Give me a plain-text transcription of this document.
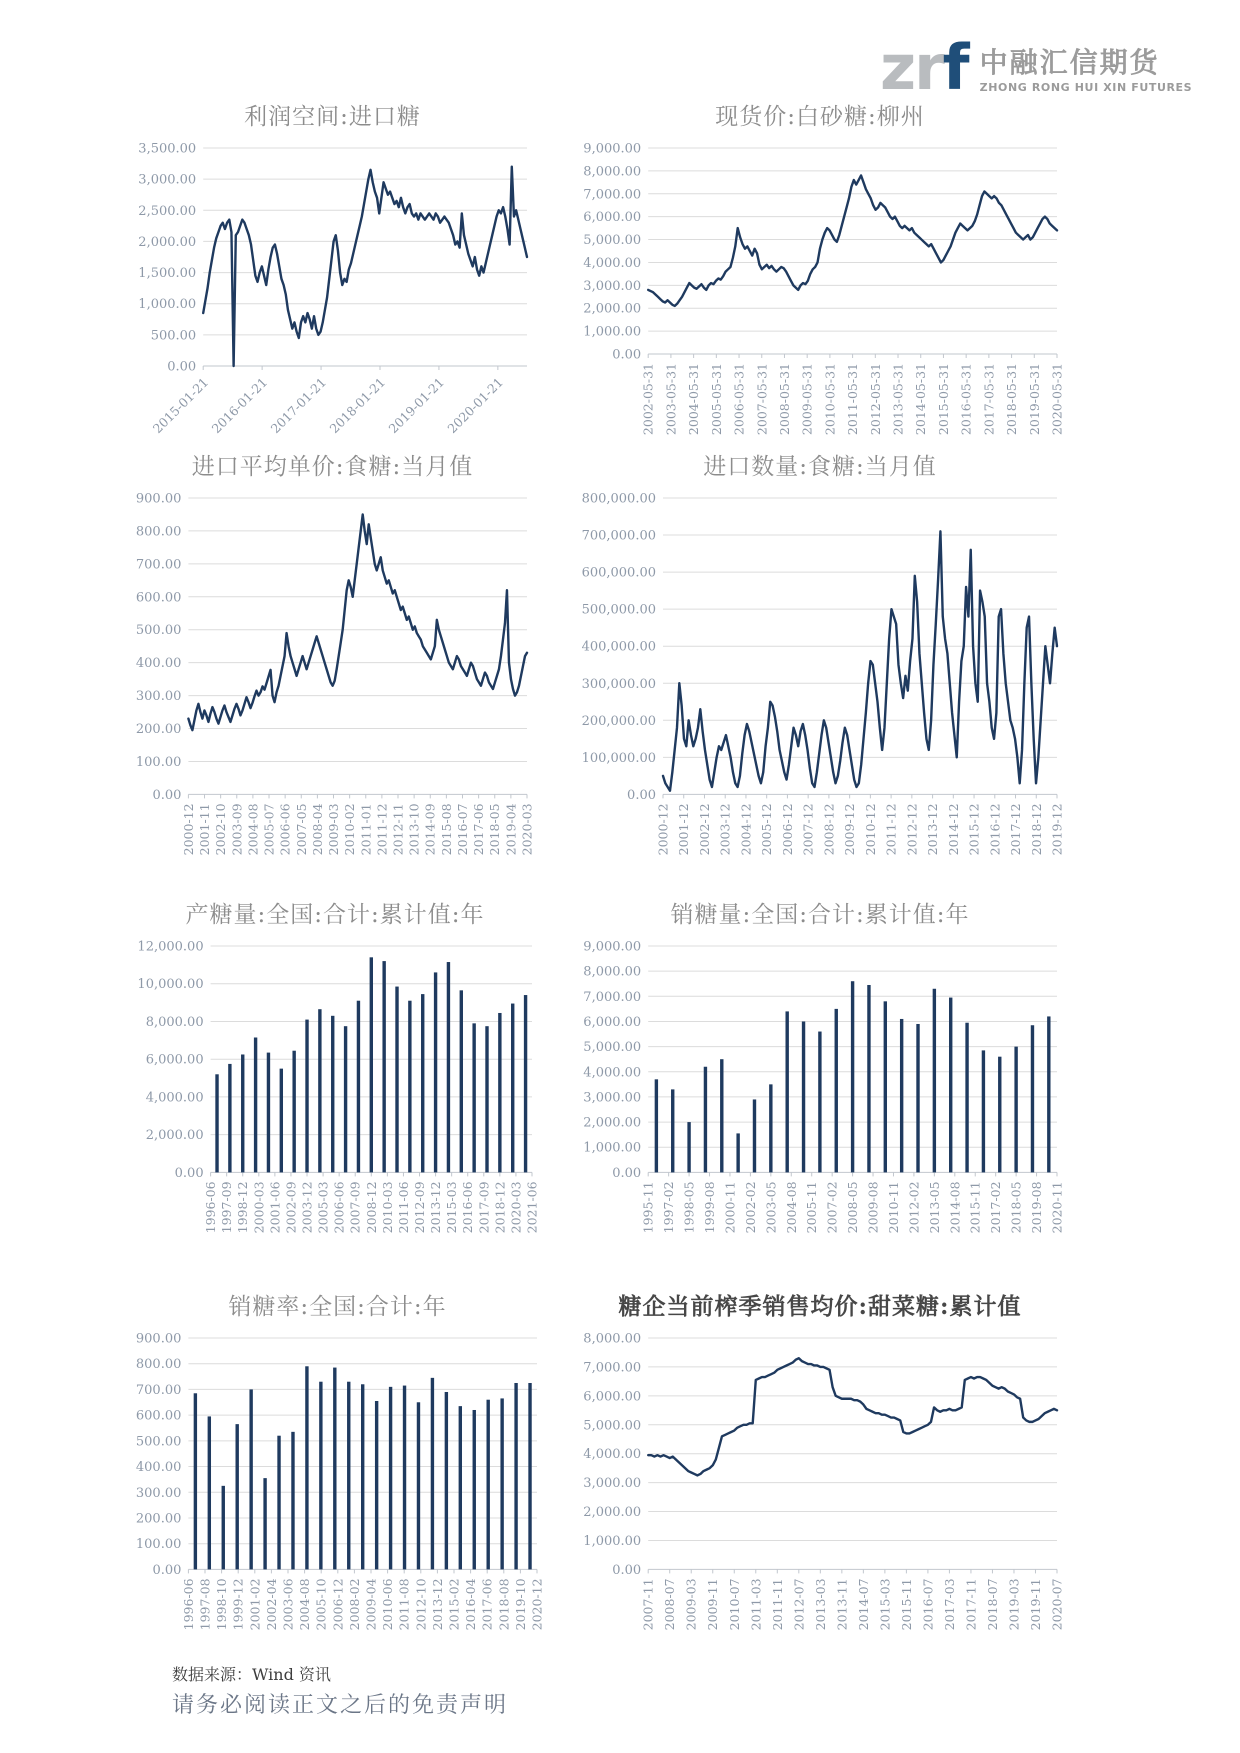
zrf 中融汇信期货
ZHONG RONG HUI XIN FUTURES
利润空间:进口糖
0.00
500.00
1,000.00
1,500.00
2,000.00
2,500.00
3,000.00
3,500.00
2015-01-21
2016-01-21
2017-01-21
2018-01-21
2019-01-21
2020-01-21
现货价:白砂糖:柳州
0.00
1,000.00
2,000.00
3,000.00
4,000.00
5,000.00
6,000.00
7,000.00
8,000.00
9,000.00
2002-05-31 2003-05-31 2004-05-31 2005-05-31 2006-05-31 2007-05-31 2008-05-31 2009-05-31 2010-05-31 2011-05-31 2012-05-31 2013-05-31 2014-05-31 2015-05-31 2016-05-31 2017-05-31 2018-05-31 2019-05-31 2020-05-31
进口平均单价:食糖:当月值
0.00
100.00
200.00
300.00
400.00
500.00
600.00
700.00
800.00
900.00
2000-12 2001-11 2002-10 2003-09 2004-08 2005-07 2006-06 2007-05 2008-04 2009-03 2010-02 2011-01 2011-12 2012-11 2013-10 2014-09 2015-08 2016-07 2017-06 2018-05 2019-04 2020-03
进口数量:食糖:当月值
0.00
100,000.00
200,000.00
300,000.00
400,000.00
500,000.00
600,000.00
700,000.00
800,000.00
2000-12 2001-12 2002-12 2003-12 2004-12 2005-12 2006-12 2007-12 2008-12 2009-12 2010-12 2011-12 2012-12 2013-12 2014-12 2015-12 2016-12 2017-12 2018-12 2019-12
产糖量:全国:合计:累计值:年
0.00
2,000.00
4,000.00
6,000.00
8,000.00
10,000.00
12,000.00
1996-06 1997-09 1998-12 2000-03 2001-06 2002-09 2003-12 2005-03 2006-06 2007-09 2008-12 2010-03 2011-06 2012-09 2013-12 2015-03 2016-06 2017-09 2018-12 2020-03 2021-06
销糖量:全国:合计:累计值:年
0.00
1,000.00
2,000.00
3,000.00
4,000.00
5,000.00
6,000.00
7,000.00
8,000.00
9,000.00
1995-11 1997-02 1998-05 1999-08 2000-11 2002-02 2003-05 2004-08 2005-11 2007-02 2008-05 2009-08 2010-11 2012-02 2013-05 2014-08 2015-11 2017-02 2018-05 2019-08 2020-11
销糖率:全国:合计:年
0.00
100.00
200.00
300.00
400.00
500.00
600.00
700.00
800.00
900.00
1996-06 1997-08 1998-10 1999-12 2001-02 2002-04 2003-06 2004-08 2005-10 2006-12 2008-02 2009-04 2010-06 2011-08 2012-10 2013-12 2015-02 2016-04 2017-06 2018-08 2019-10 2020-12
糖企当前榨季销售均价:甜菜糖:累计值
0.00
1,000.00
2,000.00
3,000.00
4,000.00
5,000.00
6,000.00
7,000.00
8,000.00
2007-11 2008-07 2009-03 2009-11 2010-07 2011-03 2011-11 2012-07 2013-03 2013-11 2014-07 2015-03 2015-11 2016-07 2017-03 2017-11 2018-07 2019-03 2019-11 2020-07
数据来源：Wind 资讯
请务必阅读正文之后的免责声明
